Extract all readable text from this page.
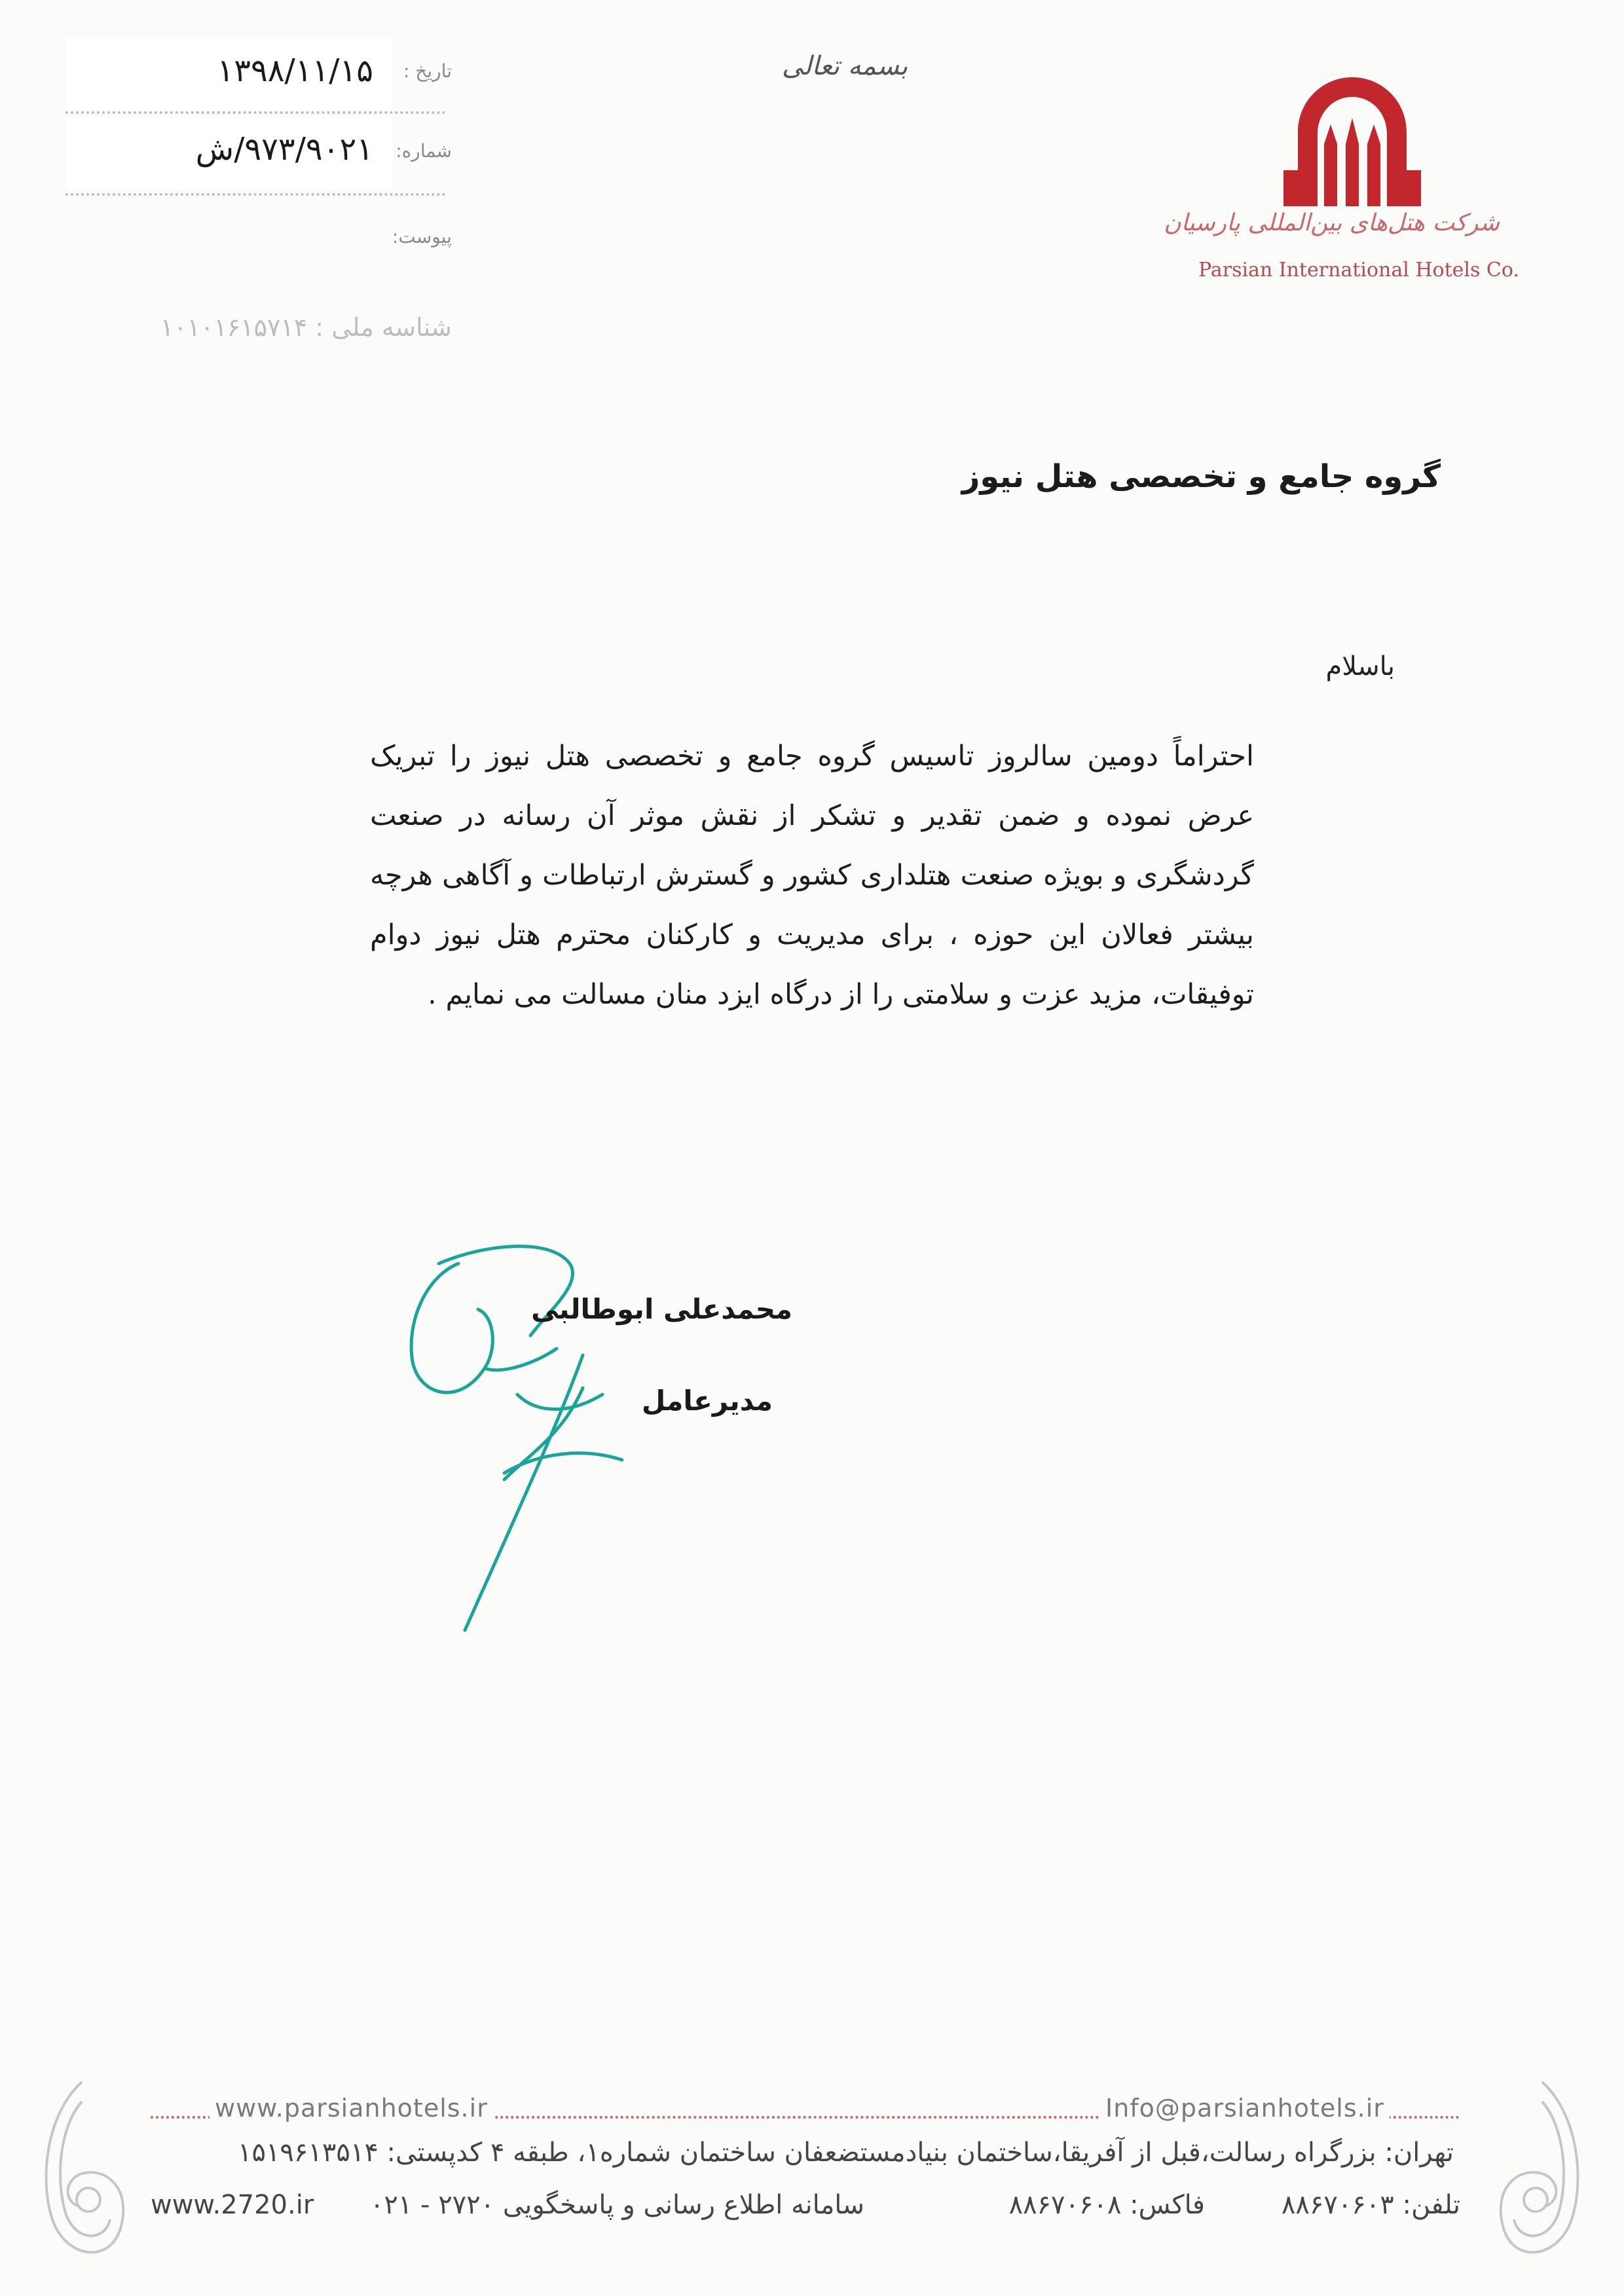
۱۳۹۸/۱۱/۱۵	تاریخ :
۹۷۳/۹۰۲۱/ش	شماره:
پیوست:
شناسه ملی : ۱۰۱۰۱۶۱۵۷۱۴
بسمه تعالی
شرکت هتل‌های بین‌المللی پارسیان
Parsian International Hotels Co.
گروه جامع و تخصصی هتل نیوز
باسلام
احتراماً دومین سالروز تاسیس گروه جامع و تخصصی هتل نیوز را تبریک عرض نموده و ضمن تقدیر و تشکر از نقش موثر آن رسانه در صنعت گردشگری و بویژه صنعت هتلداری کشور و گسترش ارتباطات و آگاهی هرچه بیشتر فعالان این حوزه ، برای مدیریت و کارکنان محترم هتل نیوز دوام توفیقات، مزید عزت و سلامتی را از درگاه ایزد منان مسالت می نمایم .
محمدعلی ابوطالبی
مدیرعامل
www.parsianhotels.ir	Info@parsianhotels.ir
تهران: بزرگراه رسالت،قبل از آفریقا،ساختمان بنیادمستضعفان ساختمان شماره۱، طبقه ۴ کدپستی: ۱۵۱۹۶۱۳۵۱۴
تلفن: ۸۸۶۷۰۶۰۳
فاکس: ۸۸۶۷۰۶۰۸
سامانه اطلاع رسانی و پاسخگویی ۲۷۲۰ - ۰۲۱
www.2720.ir
